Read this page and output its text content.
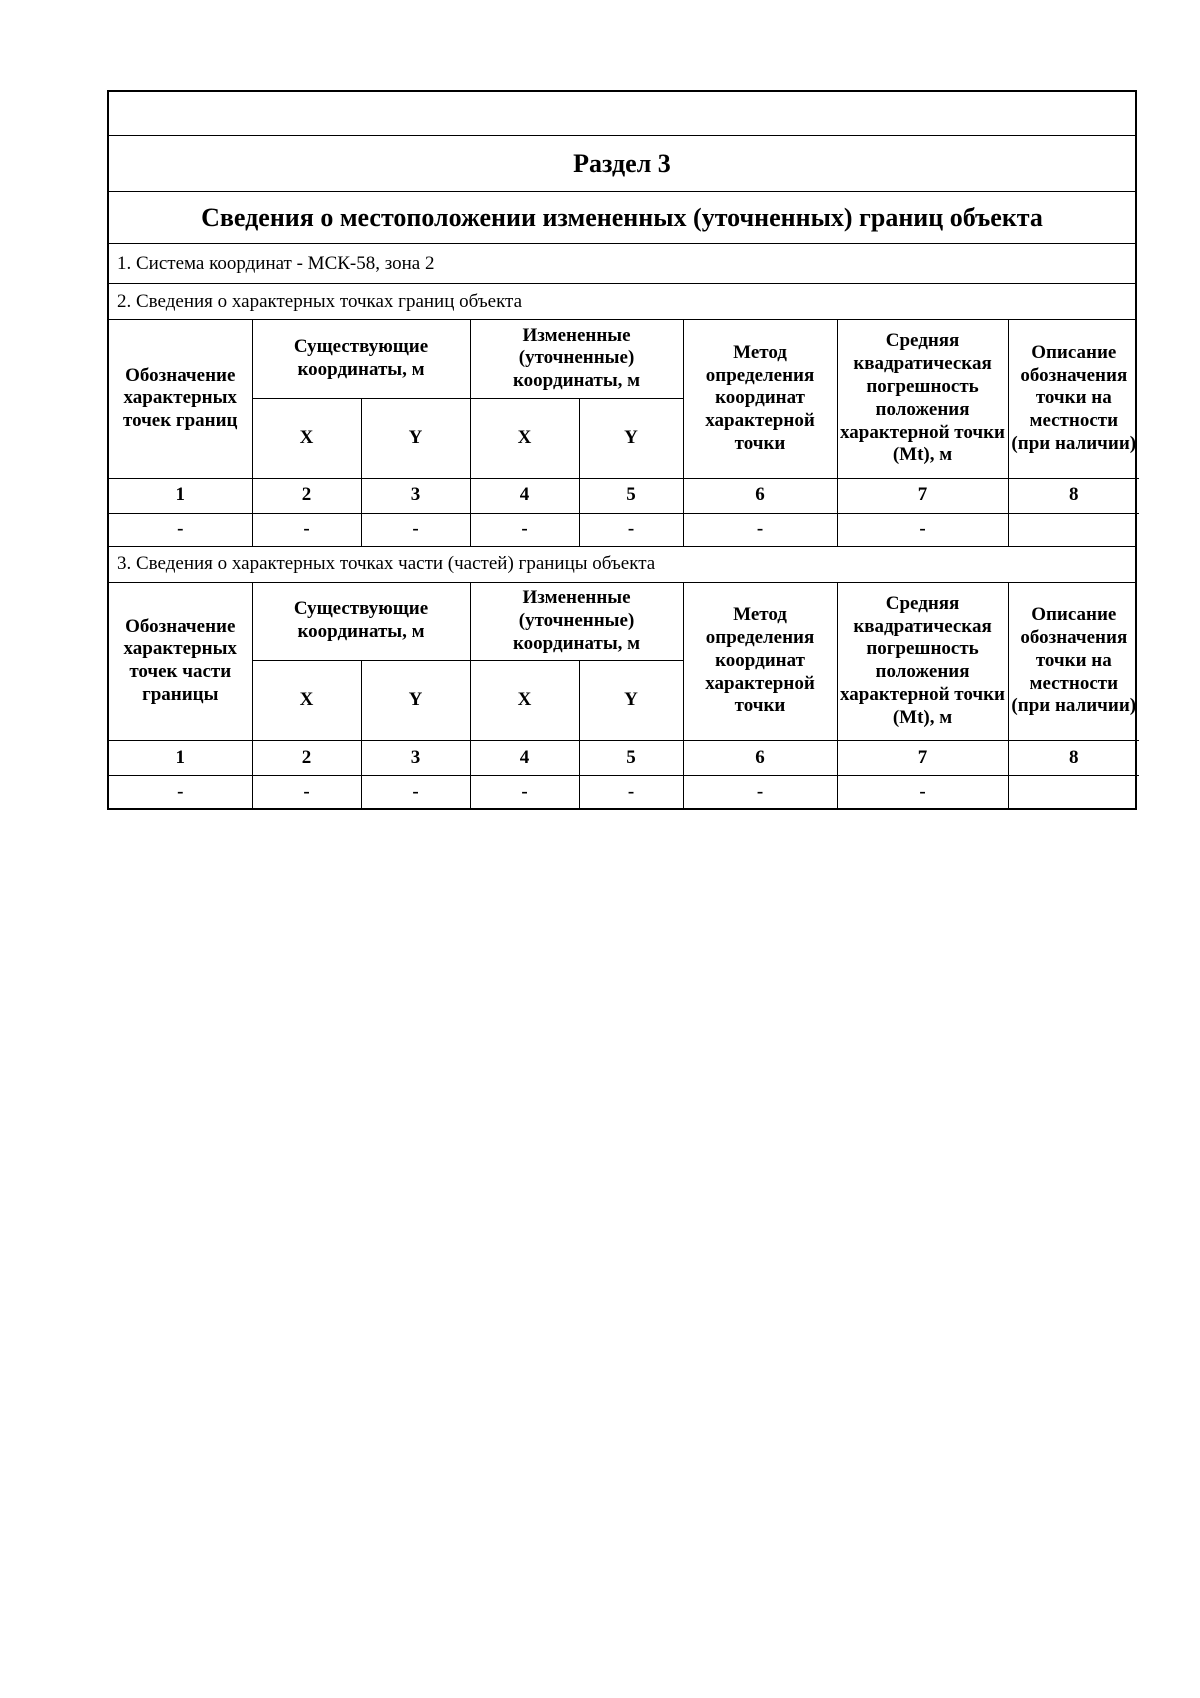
Раздел 3
Сведения о местоположении измененных (уточненных) границ объекта
1. Система координат - МСК-58, зона 2
2. Сведения о характерных точках границ объекта
Обозначение характерных точек границ	Существующие координаты, м		Измененные (уточненные) координаты, м		Метод определения координат характерной точки	Средняя квадратическая погрешность положения характерной точки (Mt), м	Описание обозначения точки на местности (при наличии)
	X	Y	X	Y			
1	2	3	4	5	6	7	8
-	-	-	-	-	-	-	
3. Сведения о характерных точках части (частей) границы объекта
Обозначение характерных точек части границы	Существующие координаты, м		Измененные (уточненные) координаты, м		Метод определения координат характерной точки	Средняя квадратическая погрешность положения характерной точки (Mt), м	Описание обозначения точки на местности (при наличии)
	X	Y	X	Y			
1	2	3	4	5	6	7	8
-	-	-	-	-	-	-	
